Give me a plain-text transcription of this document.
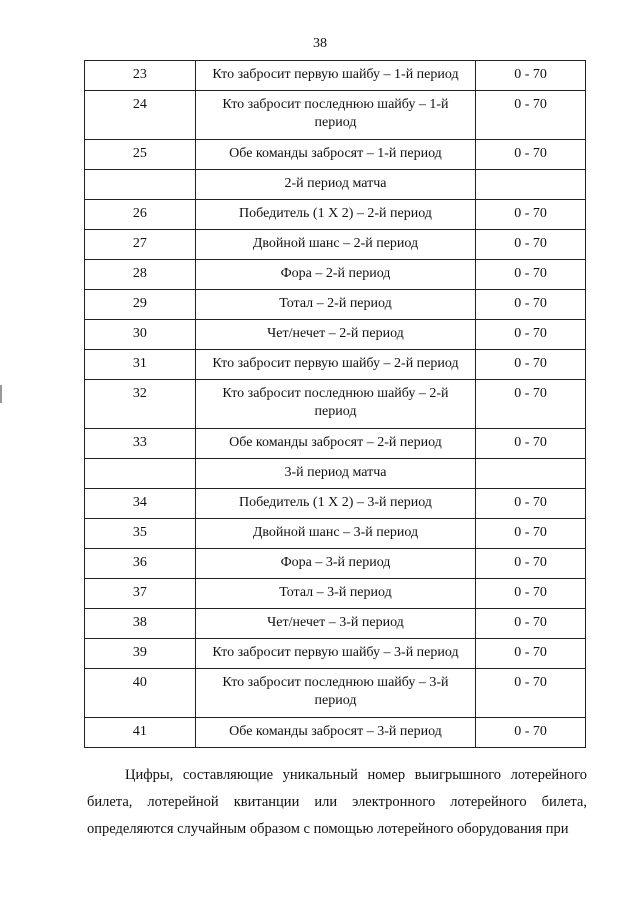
38
23	Кто забросит первую шайбу – 1-й период	0 - 70
24	Кто забросит последнюю шайбу – 1-й период	0 - 70
25	Обе команды забросят – 1-й период	0 - 70
	2-й период матча	
26	Победитель (1 Х 2) – 2-й период	0 - 70
27	Двойной шанс – 2-й период	0 - 70
28	Фора – 2-й период	0 - 70
29	Тотал – 2-й период	0 - 70
30	Чет/нечет – 2-й период	0 - 70
31	Кто забросит первую шайбу – 2-й период	0 - 70
32	Кто забросит последнюю шайбу – 2-й период	0 - 70
33	Обе команды забросят – 2-й период	0 - 70
	3-й период матча	
34	Победитель (1 Х 2) – 3-й период	0 - 70
35	Двойной шанс – 3-й период	0 - 70
36	Фора – 3-й период	0 - 70
37	Тотал – 3-й период	0 - 70
38	Чет/нечет – 3-й период	0 - 70
39	Кто забросит первую шайбу – 3-й период	0 - 70
40	Кто забросит последнюю шайбу – 3-й период	0 - 70
41	Обе команды забросят – 3-й период	0 - 70
Цифры, составляющие уникальный номер выигрышного лотерейного билета, лотерейной квитанции или электронного лотерейного билета, определяются случайным образом с помощью лотерейного оборудования при
